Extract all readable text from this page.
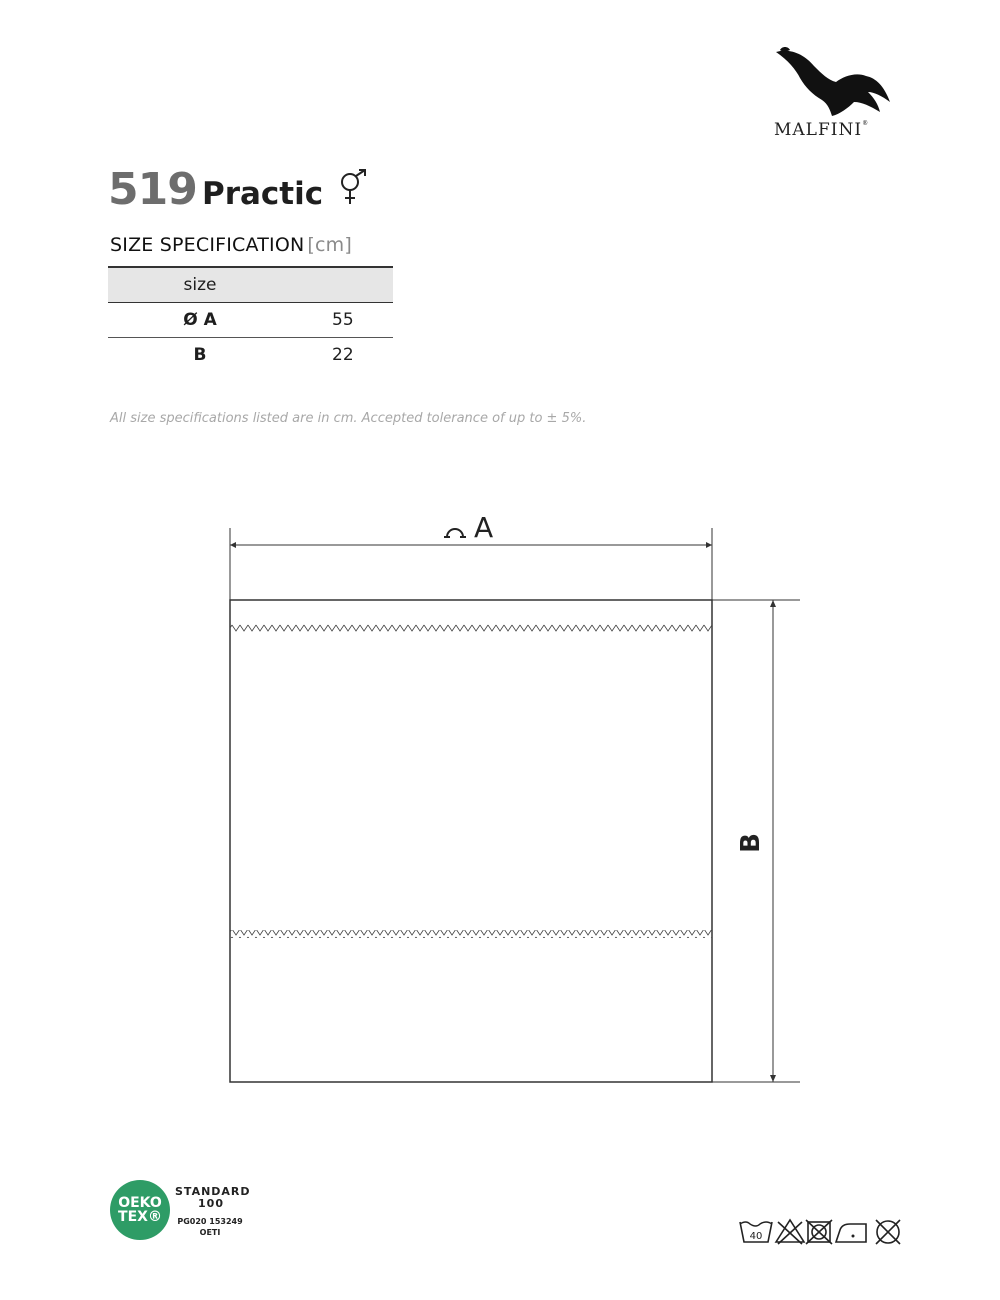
MALFINI®
519 Practic
SIZE SPECIFICATION [cm]
size	
Ø A	55
B	22
All size specifications listed are in cm. Accepted tolerance of up to ± 5%.
A
B
OEKO
TEX®
STANDARD
100
PG020 153249
OETI	40
